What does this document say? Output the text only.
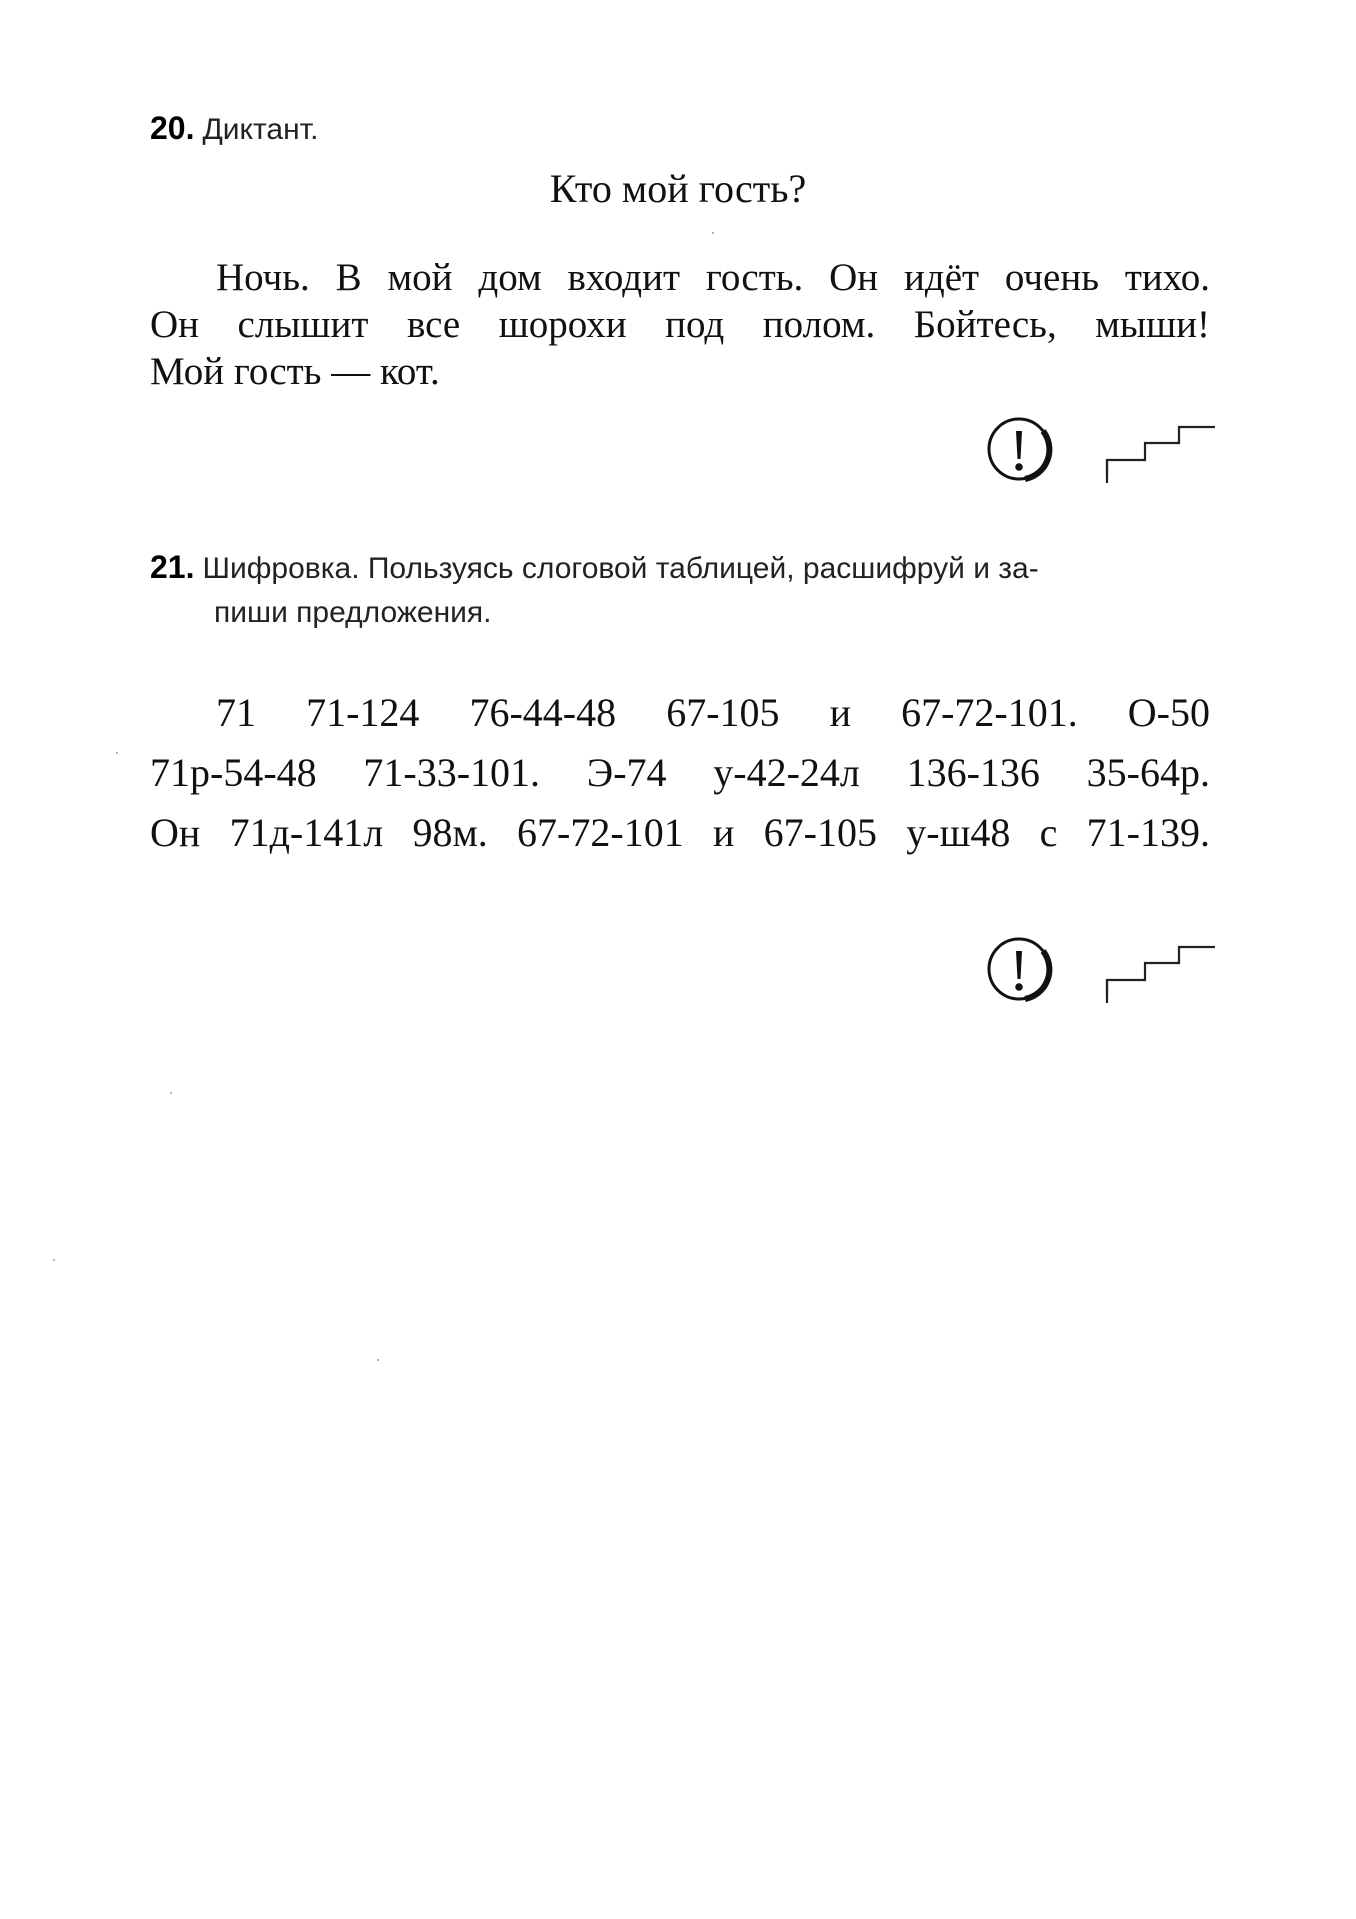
20. Диктант.
Кто мой гость?
Ночь. В мой дом входит гость. Он идёт очень тихо.
Он слышит все шорохи под полом. Бойтесь, мыши!
Мой гость — кот.
21. Шифровка. Пользуясь слоговой таблицей, расшифруй и за-
пиши предложения.
71 71-124 76-44-48 67-105 и 67-72-101. О-50
71р-54-48 71-33-101. Э-74 у-42-24л 136-136 35-64р.
Он 71д-141л 98м. 67-72-101 и 67-105 у-ш48 с 71-139.
